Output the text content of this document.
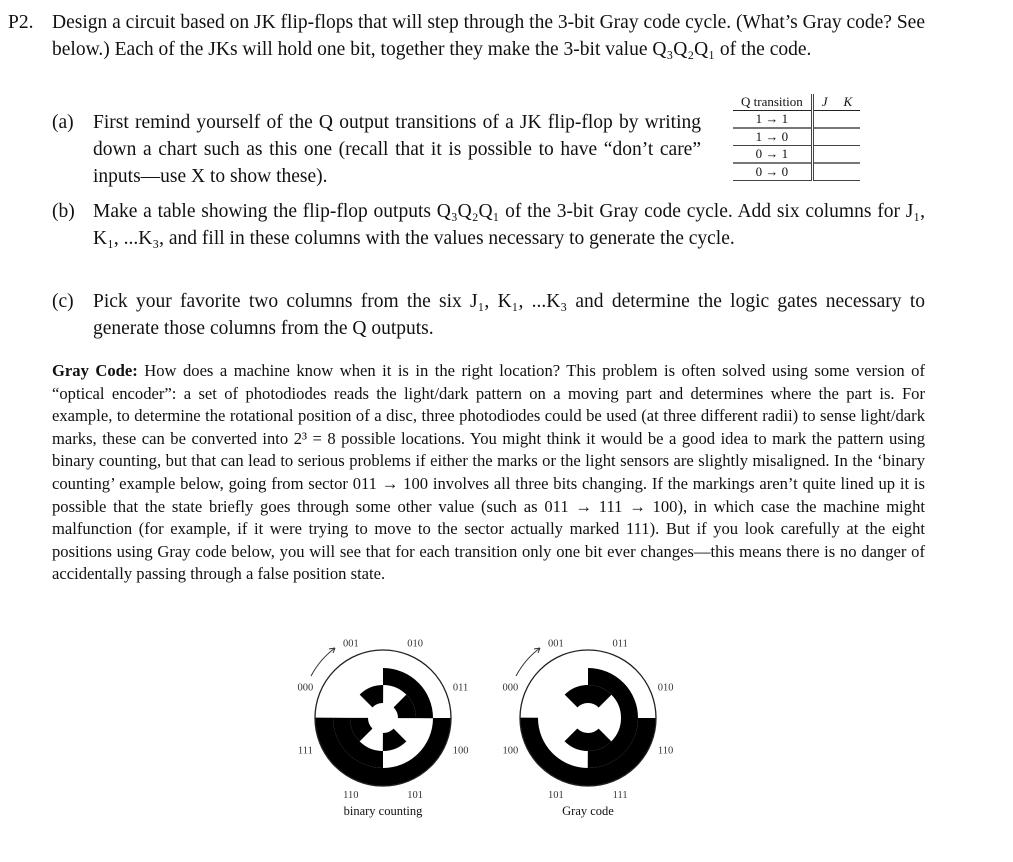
P2. Design a circuit based on JK flip-flops that will step through the 3-bit Gray code cycle. (What’s Gray code? See below.) Each of the JKs will hold one bit, together they make the 3-bit value Q₃Q₂Q₁ of the code.
(a) First remind yourself of the Q output transitions of a JK flip-flop by writing down a chart such as this one (recall that it is possible to have “don’t care” inputs—use X to show these).
(b) Make a table showing the flip-flop outputs Q₃Q₂Q₁ of the 3-bit Gray code cycle. Add six columns for J₁, K₁, ...K₃, and fill in these columns with the values necessary to generate the cycle.
(c) Pick your favorite two columns from the six J₁, K₁, ...K₃ and determine the logic gates necessary to generate those columns from the Q outputs.
Q transition	J	K
1 → 1		
1 → 0		
0 → 1		
0 → 0		
Gray Code: How does a machine know when it is in the right location? This problem is often solved using some version of “optical encoder”: a set of photodiodes reads the light/dark pattern on a moving part and determines where the part is. For example, to determine the rotational position of a disc, three photodiodes could be used (at three different radii) to sense light/dark marks, these can be converted into 2³ = 8 possible locations. You might think it would be a good idea to mark the pattern using binary counting, but that can lead to serious problems if either the marks or the light sensors are slightly misaligned. In the ‘binary counting’ example below, going from sector 011 → 100 involves all three bits changing. If the markings aren’t quite lined up it is possible that the state briefly goes through some other value (such as 011 → 111 → 100), in which case the machine might malfunction (for example, if it were trying to move to the sector actually marked 111). But if you look carefully at the eight positions using Gray code below, you will see that for each transition only one bit ever changes—this means there is no danger of accidentally passing through a false position state.
000
001	010
011
100
101
110
111
binary counting
000
001	011
010
110
111
101
100
Gray code
